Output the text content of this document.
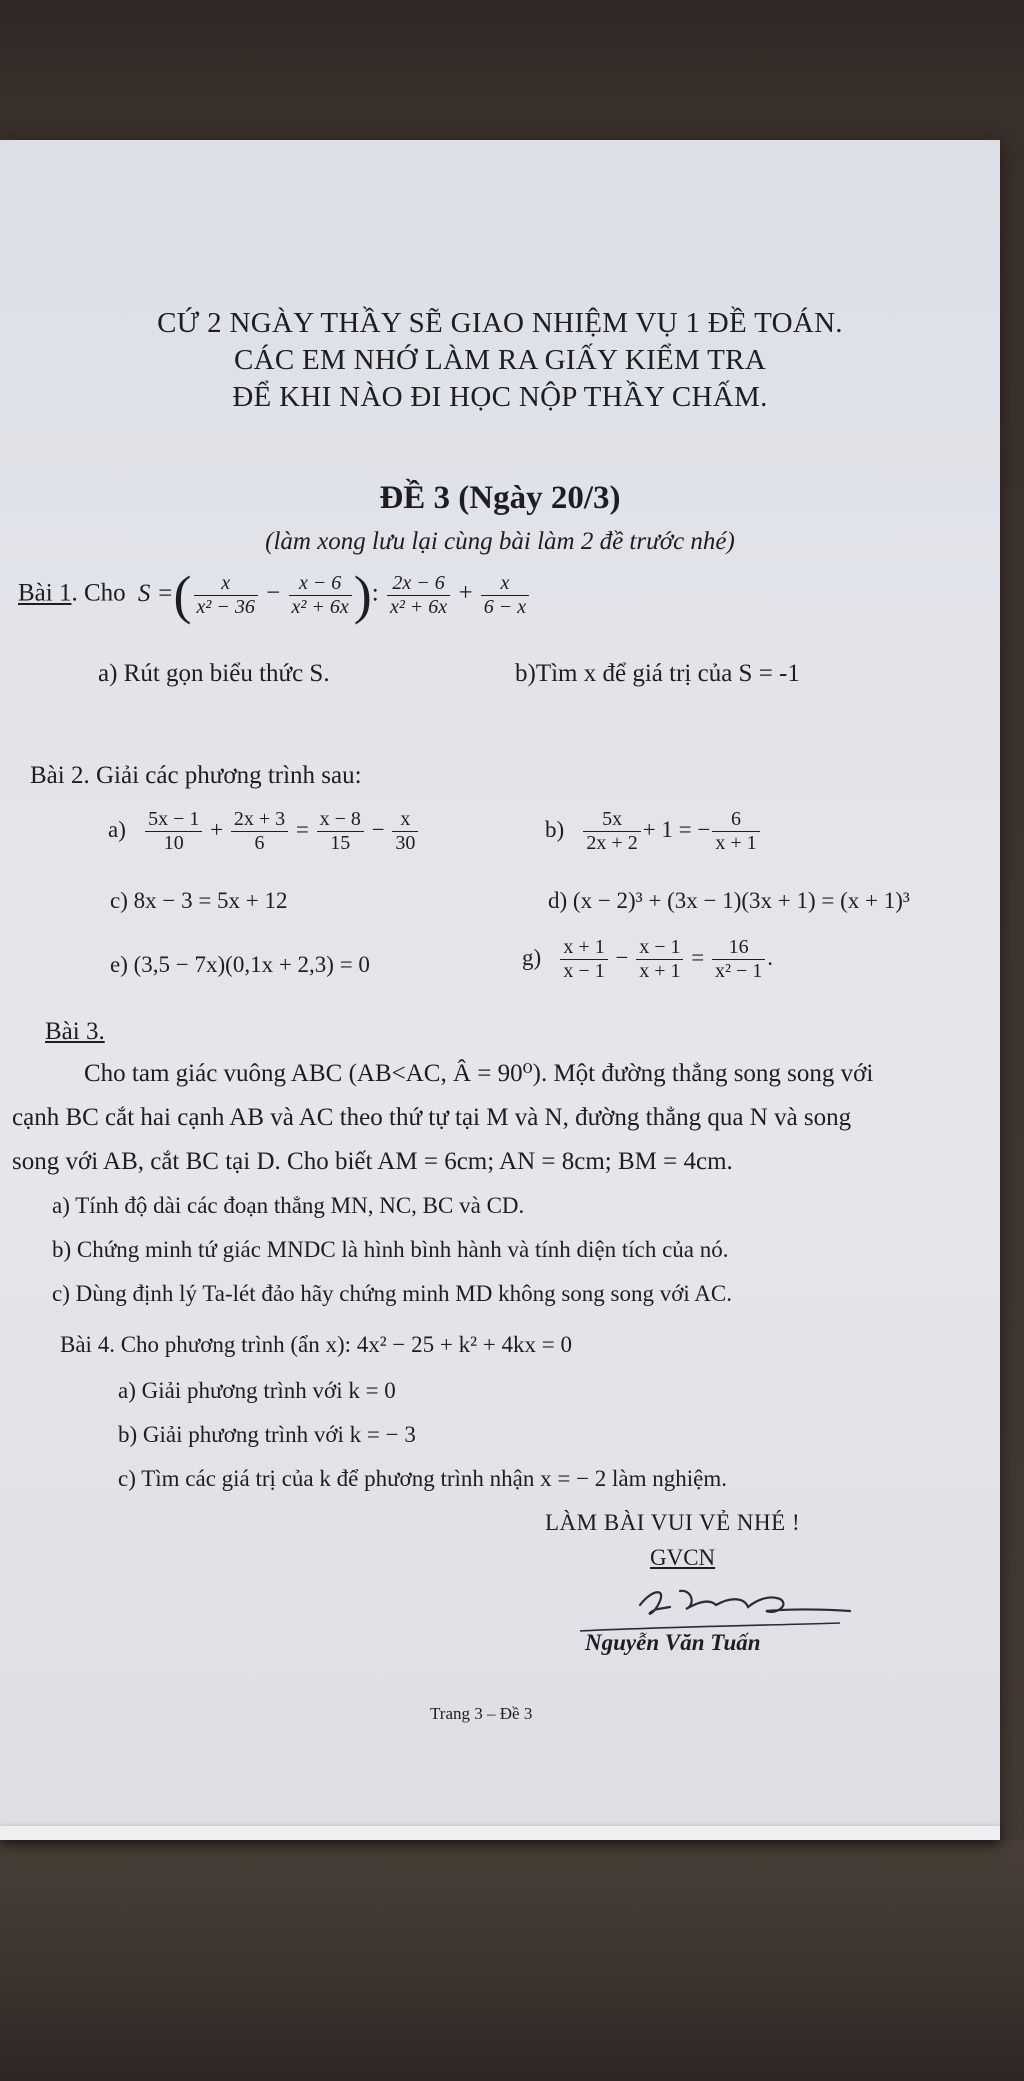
CỨ 2 NGÀY THẦY SẼ GIAO NHIỆM VỤ 1 ĐỀ TOÁN.
CÁC EM NHỚ LÀM RA GIẤY KIỂM TRA
ĐỂ KHI NÀO ĐI HỌC NỘP THẦY CHẤM.
ĐỀ 3 (Ngày 20/3)
(làm xong lưu lại cùng bài làm 2 đề trước nhé)
Bài 1. Cho S =( $\frac{x}{\text{x² − 36}} - \frac{x - 6}{\text{x² + 6x}}$ ): $\frac{2x - 6}{\text{x² + 6x}} + \frac{x}{6 - x}$
a) Rút gọn biểu thức S.	b)Tìm x để giá trị của S = -1
Bài 2. Giải các phương trình sau:
$a) \frac{5x - 1}{10} + \frac{2x + 3}{6} = \frac{x - 8}{15} - \frac{x}{30}$	$b) \frac{5x}{2x + 2} + 1$ = − $\frac{6}{x + 1}$
c) 8x − 3 = 5x + 12	d) (x − 2)³ + (3x − 1)(3x + 1) = (x + 1)³
e) (3,5 − 7x)(0,1x + 2,3) = 0	$g) \frac{x + 1}{x - 1} - \frac{x - 1}{x + 1} = \frac{16}{\text{x² − 1}}$ .
Bài 3.
Cho tam giác vuông ABC (AB<AC, Â = 90⁰). Một đường thẳng song song với
cạnh BC cắt hai cạnh AB và AC theo thứ tự tại M và N, đường thẳng qua N và song
song với AB, cắt BC tại D. Cho biết AM = 6cm; AN = 8cm; BM = 4cm.
a) Tính độ dài các đoạn thẳng MN, NC, BC và CD.
b) Chứng minh tứ giác MNDC là hình bình hành và tính diện tích của nó.
c) Dùng định lý Ta-lét đảo hãy chứng minh MD không song song với AC.
Bài 4. Cho phương trình (ẩn x): 4x² − 25 + k² + 4kx = 0
a) Giải phương trình với k = 0
b) Giải phương trình với k = − 3
c) Tìm các giá trị của k để phương trình nhận x = − 2 làm nghiệm.
LÀM BÀI VUI VẺ NHÉ !
GVCN
Nguyễn Văn Tuấn
Trang 3 – Đề 3
